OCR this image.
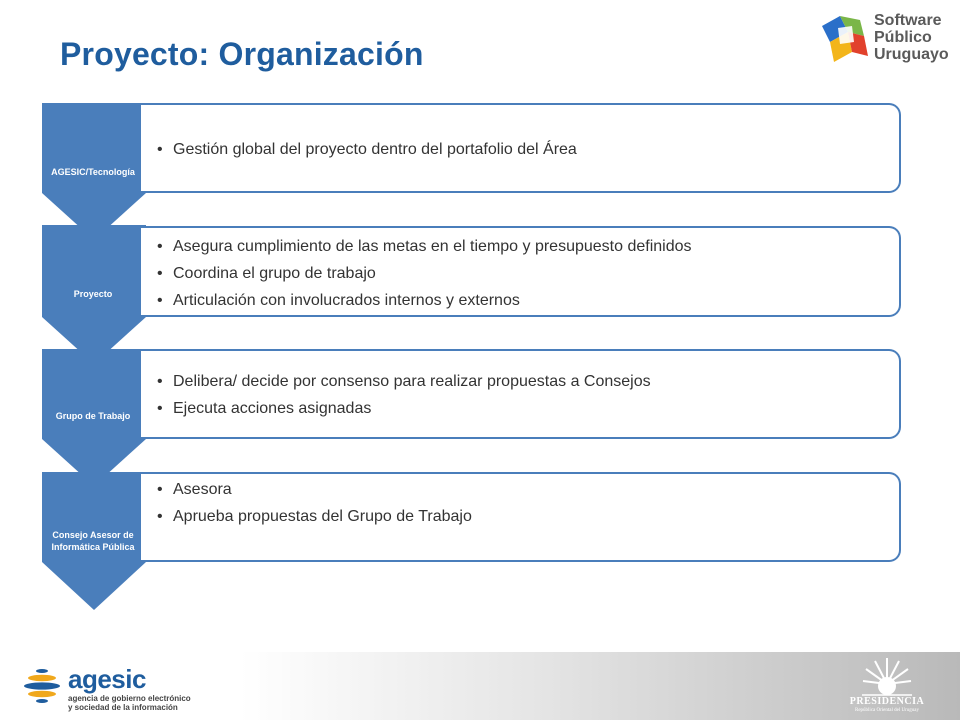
Proyecto: Organización
Software
Público
Uruguayo
• Gestión global del proyecto dentro del portafolio del Área
AGESIC/Tecnología
• Asegura cumplimiento de las metas en el tiempo y presupuesto definidos
• Coordina el grupo de trabajo
• Articulación con involucrados internos y externos
Proyecto
• Delibera/ decide por consenso para realizar propuestas a Consejos
• Ejecuta acciones asignadas
Grupo de Trabajo
• Asesora
• Aprueba propuestas del Grupo de Trabajo
Consejo Asesor de Informática Pública
agesic
agencia de gobierno electrónico
y sociedad de la información
PRESIDENCIA
República Oriental del Uruguay
